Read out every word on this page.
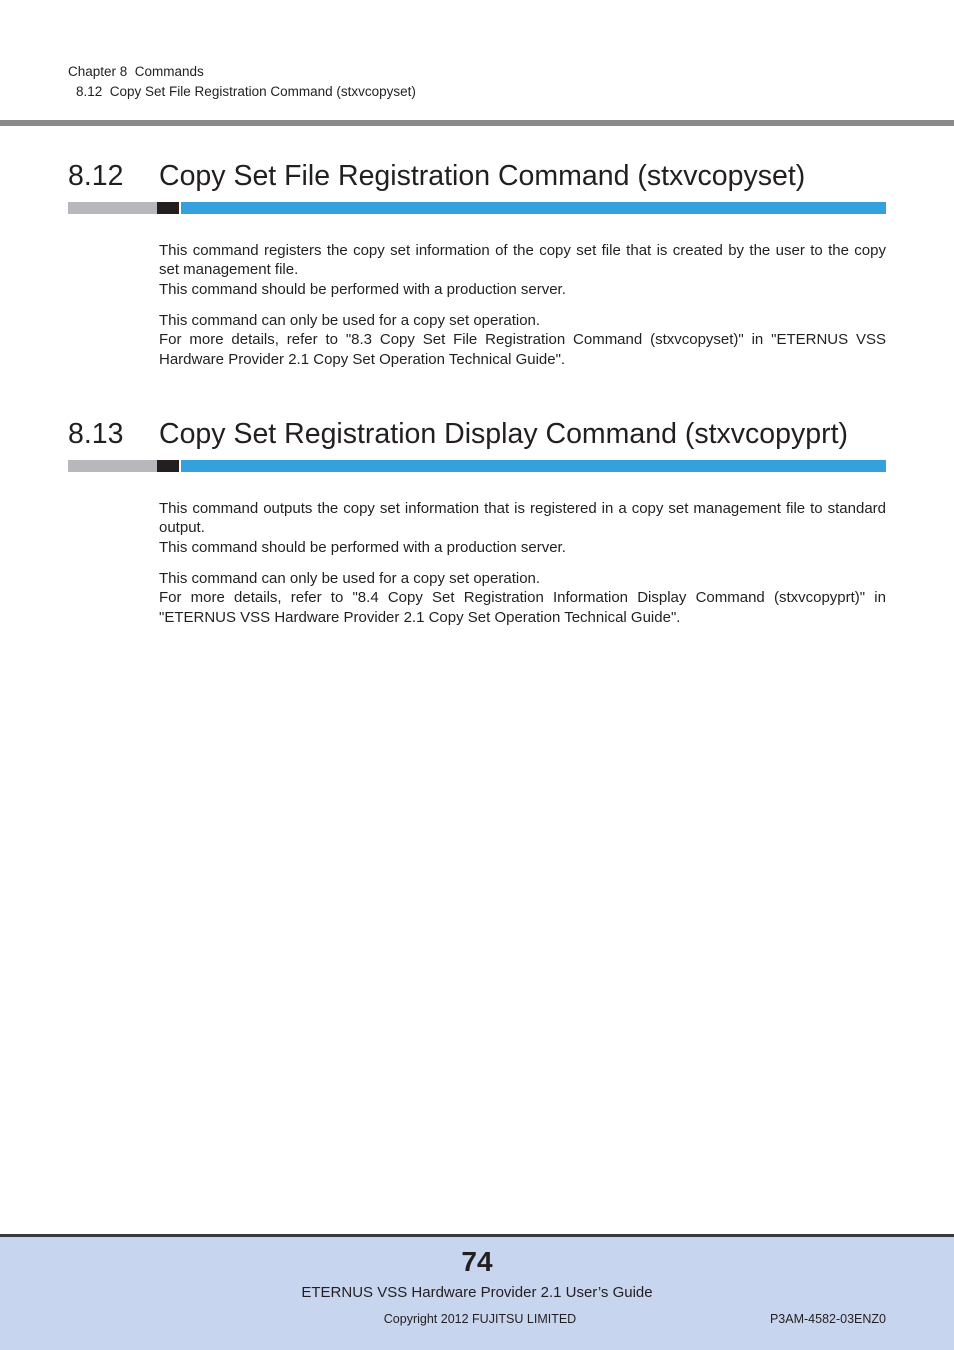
Chapter 8  Commands
8.12  Copy Set File Registration Command (stxvcopyset)
8.12 Copy Set File Registration Command (stxvcopyset)

This command registers the copy set information of the copy set file that is created by the user to the copy set management file.
This command should be performed with a production server.

This command can only be used for a copy set operation.
For more details, refer to "8.3 Copy Set File Registration Command (stxvcopyset)" in "ETERNUS VSS Hardware Provider 2.1 Copy Set Operation Technical Guide".

8.13 Copy Set Registration Display Command (stxvcopyprt)

This command outputs the copy set information that is registered in a copy set management file to standard output.
This command should be performed with a production server.

This command can only be used for a copy set operation.
For more details, refer to "8.4 Copy Set Registration Information Display Command (stxvcopyprt)" in "ETERNUS VSS Hardware Provider 2.1 Copy Set Operation Technical Guide".

74
ETERNUS VSS Hardware Provider 2.1 User’s Guide
Copyright 2012 FUJITSU LIMITED	P3AM-4582-03ENZ0
